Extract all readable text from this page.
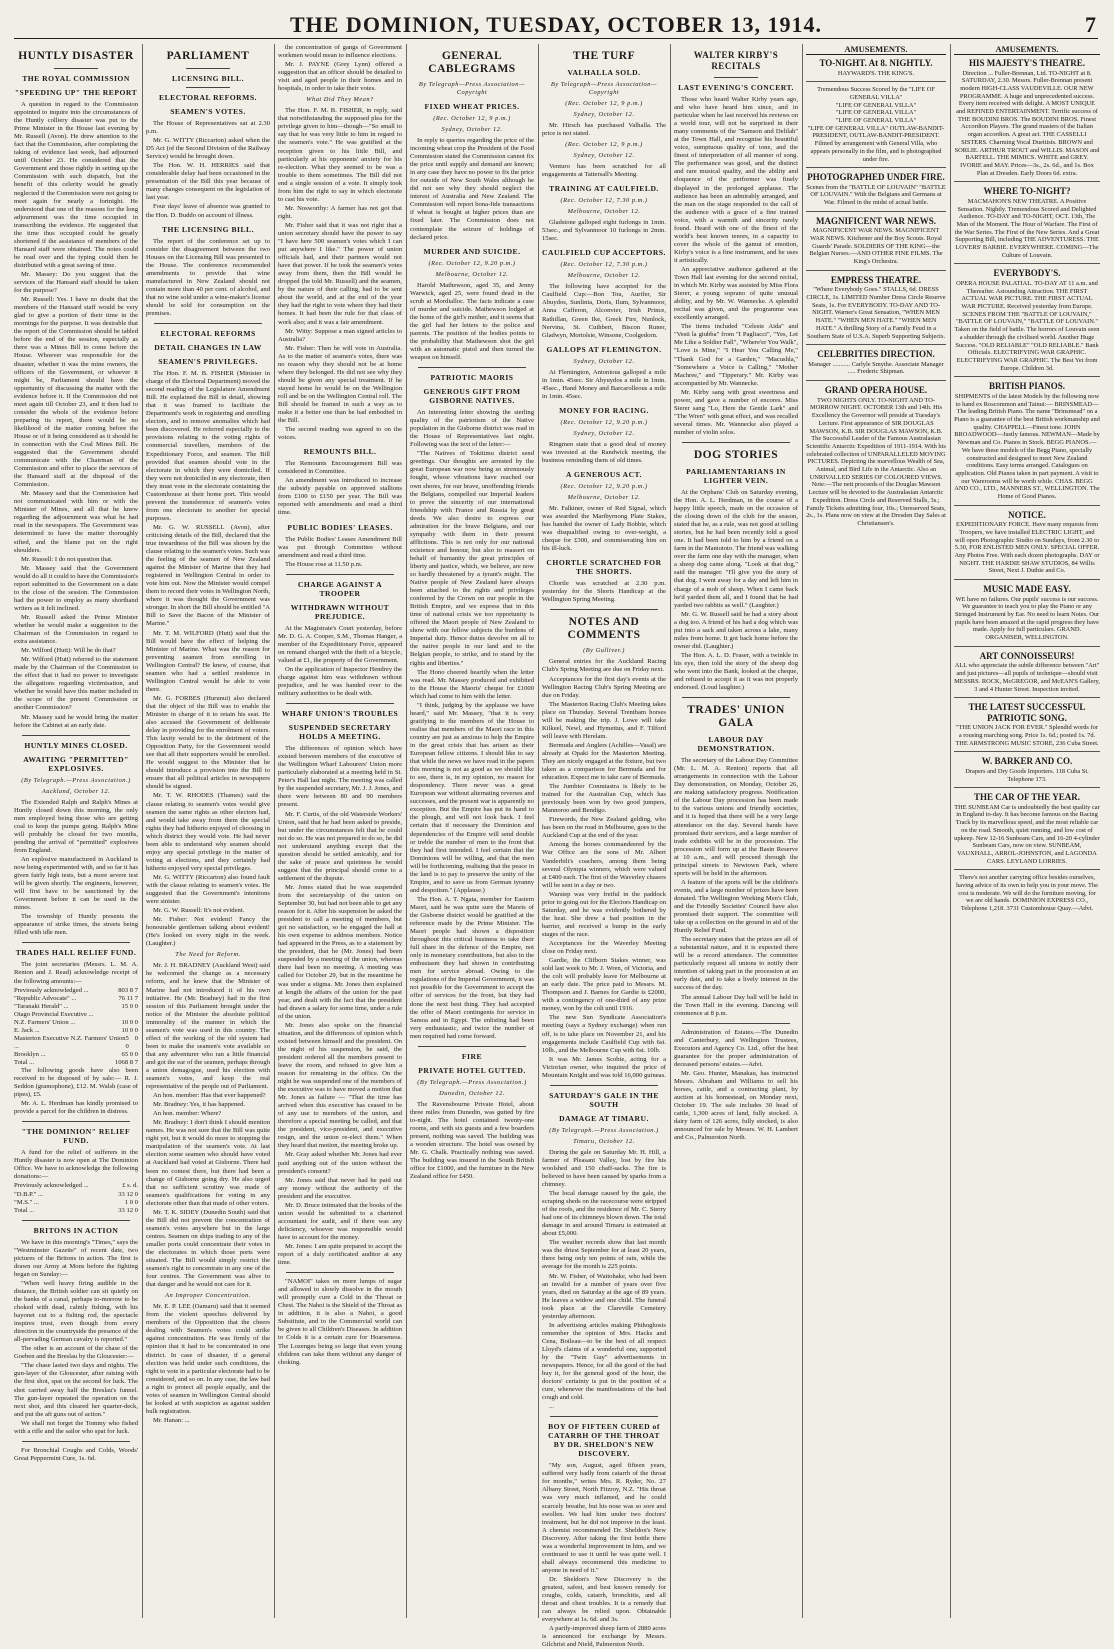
THE DOMINION, TUESDAY, OCTOBER 13, 1914.	7
HUNTLY DISASTER
THE ROYAL COMMISSION
"SPEEDING UP" THE REPORT

A question in regard to the Commission appointed to inquire into the circumstances of the Huntly colliery disaster was put to the Prime Minister in the House last evening by Mr. Russell (Avon). He drew attention to the fact that the Commission, after completing the taking of evidence last week, had adjourned until October 23. He considered that the Government and those rightly in setting up the Commission with such dispatch, but the benefit of this celerity would be greatly neglected if the Commission were not going to meet again for nearly a fortnight. He understood that one of the reasons for the long adjournment was the time occupied in transcribing the evidence. He suggested that the time thus occupied could be greatly shortened if the assistance of members of the Hansard staff were obtained. The notes could be read over and the typing could then be distributed with a great saving of time.

Mr. Massey: Do you suggest that the services of the Hansard staff should be taken for the purpose?

Mr. Russell: Yes. I have no doubt that the members of the Hansard staff would be very glad to give a portion of their time in the mornings for the purpose. It was desirable that the report of the Commission should be tabled before the end of the session, especially as there was a Mines Bill to come before the House. Whoever was responsible for the disaster, whether it was the mine owners, the officers of the Government, or whoever it might be, Parliament should have the opportunity of discussing the matter with the evidence before it. If the Commission did not meet again till October 23, and it then had to consider the whole of the evidence before preparing its report, there would be no likelihood of the matter coming before the House or of it being considered as it should be in connection with the Coal Mines Bill. He suggested that the Government should communicate with the Chairman of the Commission and offer to place the services of the Hansard staff at the disposal of the Commission.

Mr. Massey said that the Commission had not communicated with him or with the Minister of Mines, and all that he knew regarding the adjournment was what he had read in the newspapers. The Government was determined to have the matter thoroughly sifted, and the blame put on the right shoulders.

Mr. Russell: I do not question that.

Mr. Massey said that the Government would do all it could to have the Commission's report submitted to the Government on a date to the close of the session. The Commission had the power to employ as many shorthand writers as it felt inclined.

Mr. Russell asked the Prime Minister whether he would make a suggestion to the Chairman of the Commission in regard to extra assistance.

Mr. Wilford (Hutt): Will he do that?

Mr. Wilford (Hutt) referred to the statement made by the Chairman of the Commission to the effect that it had no power to investigate the allegations regarding victimisation, and whether he would have this matter included in the scope of the present Commission or another Commission?

Mr. Massey said he would bring the matter before the Cabinet at an early date.

HUNTLY MINES CLOSED.
AWAITING "PERMITTED" EXPLOSIVES.
(By Telegraph.—Press Association.)
Auckland, October 12.

The Extended Ralph and Ralph's Mines at Huntly closed down this morning, the only men employed being those who are getting coal to keep the pumps going. Ralph's Mine will probably be closed for two months, pending the arrival of "permitted" explosives from England.

An explosive manufactured in Auckland is now being experimented with, and so far it has given fairly high tests, but a more severe test will be given shortly. The engineers, however, will first have to be sanctioned by the Government before it can be used in the mines.

The township of Huntly presents the appearance of strike times, the streets being filled with idle men.

TRADES HALL RELIEF FUND.

The joint secretaries (Messrs. L. M. A. Renton and J. Read) acknowledge receipt of the following amounts:—

Previously acknowledged ...	803 8 7
"Republic Advocate" ...	76 11 7
"Taranaki Herald" ...	15 0 0
Otago Provincial Executive ...
N.Z. Farmers' Union ...	10 0 0
E. Jack ...	10 0 0
Masterton Executive N.Z. Farmers' Union ...
5 0 0
Brooklyn ...	65 0 0
Total ...	1068 8 7

The following goods have also been received to be disposed of by sale:— R. J. Seddon (gramophone), £12. M. Walsh (case of pipes), £5.

Mr. A. L. Herdman has kindly promised to provide a parcel for the children in distress.

"THE DOMINION" RELIEF FUND.

A fund for the relief of sufferers in the Huntly disaster is now open at The Dominion Office. We have to acknowledge the following donations:—

Previously acknowledged ...	£ s. d.
"D.B.P." ...	33 12 0
"M.S." ...	1 0 0
Total ...	33 12 0
BRITONS IN ACTION

We have in this morning's "Times," says the "Westminster Gazette" of recent date, two pictures of the Britons in action. The first is drawn our Army at Mons before the fighting began on Sunday:—

"When well heavy firing audible in the distance, the British soldier can sit quietly on the banks of a canal, perhaps to-morrow to be choked with dead, calmly fishing, with his bayonet cut to a fishing rod, the spectacle inspires trust, even though from every direction in the countryside the presence of the all-pervading German cavalry is reported."

The other is an account of the chase of the Goeben and the Breslau by the Gloucester:—

"The chase lasted two days and nights. The gun-layer of the Gloucester, after raising with the first shot, spat on the second for luck. The shot carried away half the Breslau's funnel. The gun-layer repeated the operation on the next shot, and this cleared her quarter-deck, and put the aft guns out of action."

We shall not forget the Tommy who fished with a rifle and the sailor who spat for luck.

For Bronchial Coughs and Colds, Woods' Great Peppermint Cure, 1s. 6d.

PARLIAMENT
LICENSING BILL.
ELECTORAL REFORMS.
SEAMEN'S VOTES.

The House of Representatives sat at 2.30 p.m.

Mr. G. WITTY (Riccarton) asked when the D5 Act (of the Second Division of the Railway Service) would be brought down.

The Hon. W. H. HERRIES said that considerable delay had been occasioned in the presentation of the Bill this year because of many changes consequent on the legislation of last year.

Four days' leave of absence was granted to the Hon. D. Buddo on account of illness.

THE LICENSING BILL.

The report of the conference set up to consider the disagreement between the two Houses on the Licensing Bill was presented to the House. The conference recommended amendments to provide that wine manufactured in New Zealand should not contain more than 40 per cent. of alcohol, and that no wine sold under a wine-maker's license should be sold for consumption on the premises.

ELECTORAL REFORMS
DETAIL CHANGES IN LAW
SEAMEN'S PRIVILEGES.

The Hon. F. M. B. FISHER (Minister in charge of the Electoral Department) moved the second reading of the Legislature Amendment Bill. He explained the Bill in detail, showing that it was framed to facilitate the Department's work in registering and enrolling electors, and to remove anomalies which had been discovered. He referred especially to the provisions relating to the voting rights of commercial travellers, members of the Expeditionary Force, and seamen. The Bill provided that seamen should vote in the electorate in which they were domiciled. If they were not domiciled in any electorate, then they must vote in the electorate containing the Customhouse at their home port. This would prevent the transference of seamen's votes from one electorate to another for special purposes.

Mr. G. W. RUSSELL (Avon), after criticising details of the Bill, declared that the true inwardness of the Bill was shown by the clause relating to the seamen's votes. Such was the feeling of the seamen of New Zealand against the Minister of Marine that they had registered in Wellington Central in order to vote him out. Now the Minister would compel them to record their votes in Wellington North, where it was thought the Government was stronger. In short the Bill should be entitled "A Bill to Save the Bacon of the Minister of Marine."

Mr. T. M. WILFORD (Hutt) said that the Bill would have the effect of helping the Minister of Marine. What was the reason for preventing seamen from enrolling in Wellington Central? He knew, of course, that seamen who had a settled residence in Wellington Central would be able to vote there.

Mr. G. FORBES (Hurunui) also declared that the object of the Bill was to enable the Minister in charge of it to retain his seat. He also accused the Government of deliberate delay in providing for the enrolment of voters. This laxity would be to the detriment of the Opposition Party, for the Government would see that all their supporters would be enrolled. He would suggest to the Minister that he should introduce a provision into the Bill to ensure that all political articles in newspapers should be signed.

Mr. T. W. RHODES (Thames) said the clause relating to seamen's votes would give seamen the same rights as other electors had, and would take away from them the special rights they had hitherto enjoyed of choosing in which district they would vote. He had never been able to understand why seamen should enjoy any special privilege in the matter of voting at elections, and they certainly had hitherto enjoyed very special privileges.

Mr. G. WITTY (Riccarton) also found fault with the clause relating to seamen's votes. He suggested that the Government's intentions were sinister.

Mr. G. W. Russell: It's not evident.

Mr. Fisher: Not evident! Fancy the honourable gentleman talking about evident! (He's looked on every night in the week. (Laughter.)

The Need for Reform.

Mr. J. H. BRADNEY (Auckland West) said he welcomed the change as a necessary reform, and he knew that the Minister of Marine had not introduced it of his own initiative. He (Mr. Bradney) had in the first session of this Parliament brought under the notice of the Minister the absolute political immorality of the manner in which the seamen's vote was used in this country. The effect of the working of the old system had been to make the seamen's vote available so that any adventurer who ran a little financial and got the ear of the seamen, perhaps through a union demagogue, used his election with seamen's votes, and keep the real representative of the people out of Parliament.

An hon. member: Has that ever happened?

Mr. Bradney: Yes, it has happened.

An hon. member: Where?

Mr. Bradney: I don't think I should mention names. He was not sure that the Bill was quite right yet, but it would do more to stopping the manipulation of the seamen's vote. At last election some seamen who should have voted at Auckland had voted at Gisborne. There had been no contest there, but there had been a change of Gisborne going dry. He also urged that no sufficient scrutiny was made of seamen's qualifications for voting in any electorate other than that made of other voters.

Mr. T. K. SIDEY (Dunedin South) said that the Bill did not prevent the concentration of seamen's votes anywhere but in the large centres. Seamen on ships trading to any of the smaller ports could concentrate their votes in the electorates in which those ports were situated. The Bill would simply restrict the seamen's right to concentrate in any one of the four centres. The Government was alive to that danger and he would not care for it.

An Improper Concentration.

Mr. E. P. LEE (Oamaru) said that it seemed from the violent speeches delivered by members of the Opposition that the cheers dealing with Seamen's votes could strike against concentration. He was firmly of the opinion that it had to be concentrated in one district. In case of disaster, if a general election was held under such conditions, the right to vote in a particular electorate had to be considered, and so on. In any case, the law had a right to protect all people equally, and the votes of seamen in Wellington Central should be looked at with suspicion as against sudden bulk registration.

Mr. Hanan: ...

the concentration of gangs of Government workmen would mean to influence elections.

Mr. J. PAYNE (Grey Lynn) offered a suggestion that an officer should be detailed to visit and aged people in their homes and in hospitals, in order to take their votes.

What Did They Mean?

The Hon. F. M. B. FISHER, in reply, said that notwithstanding the supposed plea for the privilege given to him—though—"So small to say that he was very little to him in regard to the seamen's vote." He was gratified at the reception given to his little Bill, and particularly at his opponents' anxiety for his re-election. What they seemed to be was a trouble to them sometimes. The Bill did not end a single session of a vote. It simply took from him the right to say in which electorate to cast his vote.

Mr. Nosworthy: A farmer has not got that right.

Mr. Fisher said that it was not right that a union secretary should have the power to say "I have here 500 seamen's votes which I can put anywhere I like." The power of union officials had, and their partners would not have that power. If he took the seamen's votes away from them, then the Bill would be dropped (he told Mr. Russell) and the seamen, by the nature of their calling, had to be sent about the world, and at the end of the year they had the right to vote where they had their homes. It had been the rule for that class of work also; and it was a fair amendment.

Mr. Witty: Suppose a man signed articles to Australia?

Mr. Fisher: Then he will vote in Australia. As to the matter of seamen's votes, there was no reason why they should not be at home where they belonged. He did not see why they should be given any special treatment. If he stayed home he would be on the Wellington roll and be on the Wellington Central roll. The Bill should be framed in such a way as to make it a better one than he had embodied in the Bill.

The second reading was agreed to on the voices.

REMOUNTS BILL.

The Remounts Encouragement Bill was considered in Committee.

An amendment was introduced to increase the subsidy payable on approved stallions from £100 to £150 per year. The Bill was reported with amendments and read a third time.

PUBLIC BODIES' LEASES.

The Public Bodies' Leases Amendment Bill was put through Committee without amendment and read a third time.

The House rose at 11.50 p.m.

CHARGE AGAINST A TROOPER
WITHDRAWN WITHOUT PREJUDICE.

At the Magistrate's Court yesterday, before Mr. D. G. A. Cooper, S.M., Thomas Hanger, a member of the Expeditionary Force, appeared on remand charged with the theft of a bicycle, valued at £1, the property of the Government.

On the application of Inspector Hendrey the charge against him was withdrawn without prejudice, and he was handed over to the military authorities to be dealt with.

WHARF UNION'S TROUBLES
SUSPENDED SECRETARY HOLDS A MEETING.

The differences of opinion which have existed between members of the executive of the Wellington Wharf Labourers' Union more particularly elaborated at a meeting held in St. Peter's Hall last night. The meeting was called by the suspended secretary, Mr. J. J. Jones, and there were between 80 and 90 members present.

Mr. F. Curtis, of the old Waterside Workers' Union, said that he had been asked to preside, but under the circumstances felt that he could not do so. He was not prepared to do so, he did not understand anything except that the question should be settled amicably, and for the sake of peace and quietness he would suggest that the principal should come to a settlement of the dispute.

Mr. Jones stated that he was suspended from the secretaryship of the union on September 30, but had not been able to get any reason for it. After his suspension he asked the president to call a meeting of members, but got no satisfaction, so he engaged the hall at his own expense to address members. Notice had appeared in the Press, as to a statement by the president, that he (Mr. Jones) had been suspended by a meeting of the union, whereas there had been no meeting. A meeting was called for October 29, but in the meantime he was under a stigma. Mr. Jones then explained at length the affairs of the union for the past year, and dealt with the fact that the president had drawn a salary for some time, under a rule of the union.

Mr. Jones also spoke on the financial situation, and the differences of opinion which existed between himself and the president. On the night of his suspension, he said, the president ordered all the members present to leave the room, and refused to give him a reason for remaining in the office. On the night he was suspended one of the members of the executive was to have moved a motion that Mr. Jones as failure — "That the time has arrived when this executive has ceased to be of any use to members of the union, and therefore a special meeting be called, and that the president, vice-president, and executive resign, and the union re-elect them." When they heard that motion, the meeting broke up.

Mr. Gray asked whether Mr. Jones had ever paid anything out of the union without the president's consent?

Mr. Jones said that never had he paid out any money without the authority of the president and the executive.

Mr. D. Bruce intimated that the books of the union would be submitted to a chartered accountant for audit, and if there was any deficiency, whoever was responsible would have to account for the money.

Mr. Jones: I am quite prepared to accept the report of a duly certificated auditor at any time.

"NAMOI" takes on more lumps of sugar and allowed to slowly dissolve in the mouth will promptly cure a Cold in the Throat or Chest. The Nahoi is the Shield of the Throat as in addition, it is also a Nahoi, a good Substitute, and to the Commercial world can be given to all Children's Diseases. In addition to Colds it is a certain cure for Hoarseness. The Lozenges being so large that even young children can take them without any danger of choking.

GENERAL CABLEGRAMS
By Telegraph—Press Association—Copyright
FIXED WHEAT PRICES.
(Rec. October 12, 9 p.m.)
Sydney, October 12.

In reply to queries regarding the price of the incoming wheat crop the President of the Food Commission stated the Commission cannot fix the price until supply and demand are known; in any case they have no power to fix the price for outside of New South Wales although he did not see why they should neglect the interest of Australia and New Zealand. The Commission will report bona-fide transactions if wheat is bought at higher prices than are fixed later. The Commission does not contemplate the seizure of holdings of declared price.

MURDER AND SUICIDE.
(Rec. October 12, 9.20 p.m.)
Melbourne, October 12.

Harold Mathewson, aged 35, and Jenny Warwick, aged 25, were found dead in the scrub at Mordialloc. The facts indicate a case of murder and suicide. Mathewson lodged at the home of the girl's mother, and it seems that the girl had her letters to the police and parents. The position of the bodies points to the probability that Mathewson shot the girl with an automatic pistol and then turned the weapon on himself.

PATRIOTIC MAORIS
GENEROUS GIFT FROM GISBORNE NATIVES.

An interesting letter showing the sterling quality of the patriotism of the Native population in the Gisborne district was read in the House of Representatives last night. Following was the text of the letter:—

"The Natives of Tokitimu district send greetings. Our thoughts are arrested by the great European war now being so strenuously fought, whose vibrations have reached our own shores, for our brave, unoffending friends the Belgians, compelled our Imperial leaders to prove the sincerity of our international friendship with France and Russia by great deeds. We also desire to express our admiration for the brave Belgians, and our sympathy with them in their present afflictions. This is not only for our national existence and honour, but also to reassert on behalf of humanity the great principles of liberty and justice, which, we believe, are now so hardly threatened by a tyrant's might. The Native people of New Zealand have always been attached to the rights and privileges conferred by the Crown on our people in the British Empire, and we express that in this time of national crisis we too opportunity is offered the Maori people of New Zealand to show with our fellow subjects the burdens of Imperial duty. Hence duties devolve on all to the native people in our land and to the Belgian people, to strike, and to stand by the rights and liberties."

The Hono cheered heartily when the letter was read. Mr. Massey produced and exhibited to the House the Maoris' cheque for £1000 which had come to him with the letter.

"I think, judging by the applause we have heard," said Mr. Massey, "that it is very gratifying to the members of the House to realise that members of the Maori race in this country are just as anxious to help the Empire in the great crisis that has arisen as their European fellow citizens. I should like to say that while the news we have read in the papers this morning is not as good as we should like to see, there is, in my opinion, no reason for despondency. There never was a great European war without alternating reverses and successes, and the present war is apparently no exception. But the Empire has put its hand to the plough, and will not look back. I feel certain that if necessary the Dominion and dependencies of the Empire will send double or treble the number of men to the front that they had first intended. I feel certain that the Dominions will be willing, and that the men will be forthcoming, realising that the peace in the land is to pay to preserve the unity of the Empire, and to save us from German tyranny and despotism." (Applause.)

The Hon. A. T. Ngata, member for Eastern Maori, said he was quite sure the Maoris of the Gisborne district would be gratified at the reference made by the Prime Minister. The Maori people had shown a disposition throughout this critical business to take their full share in the defence of the Empire, not only in monetary contributions, but also in the enthusiasm they had shown in contributing men for service abroad. Owing to the regulations of the Imperial Government, it was not possible for the Government to accept the offer of services for the front, but they had done the next best thing. They had accepted the offer of Maori contingents for service in Samoa and in Egypt. The enlisting had been very enthusiastic, and twice the number of men required had come forward.

FIRE
PRIVATE HOTEL GUTTED.
(By Telegraph.—Press Association.)
Dunedin, October 12.

The Ravensbourne Private Hotel, about three miles from Dunedin, was gutted by fire to-night. The hotel contained twenty-one rooms, and with six guests and a few boarders present, nothing was saved. The building was a wooden structure. The hotel was owned by Mr. G. Chalk. Practically nothing was saved. The building was insured in the South British office for £1000, and the furniture in the New Zealand office for £450.

THE TURF
VALHALLA SOLD.
By Telegraph—Press Association—Copyright
(Rec. October 12, 9 p.m.)
Sydney, October 12.

Mr. Hirsch has purchased Valhalla. The price is not stated.

(Rec. October 12, 9 p.m.)
Sydney, October 12.

Venturo has been scratched for all engagements at Tattersall's Meeting.

TRAINING AT CAULFIELD.
(Rec. October 12, 7.30 p.m.)
Melbourne, October 12.

Gladstone galloped eight furlongs in 1min. 53sec., and Sylvanmoor 10 furlongs in 2min. 15sec.

CAULFIELD CUP ACCEPTORS.
(Rec. October 12, 7.30 p.m.)
Melbourne, October 12.

The following have accepted for the Caulfield Cup:—Bon Tou, Aurifer, Sir Abuydos, Sunlinia, Doris, Ilum, Sylvanmoor, Anna Cafferon, Alconvier, Irish Prince, Rathillan, Green Ike, Greek Fire, Nunlock, Nervina, St. Cuthbert, Biscon Runer, Gladwyn, Mortolsie, Winsone, Coolgedorn.

GALLOPS AT FLEMINGTON.
Sydney, October 12.

At Flemington, Antonious galloped a mile in 1min. 45sec. Sir Abyuydos a mile in 1min. 45sec., Hand Money and Barcarolleous a mile in 1min. 45sec.

MONEY FOR RACING.
(Rec. October 12, 9.20 p.m.)
Sydney, October 12.

Ringmen state that a good deal of money was invested at the Randwick meeting, the business reminding them of old times.

A GENEROUS ACT.
(Rec. October 12, 9.20 p.m.)
Melbourne, October 12.

Mr. Falkiner, owner of Red Signal, which was awarded the Maribyrnong Plate Stakes, has handed the owner of Lady Bobbie, which was disqualified owing to over-weight, a cheque for £300, and commiserating him on his ill-luck.

CHORTLE SCRATCHED FOR THE SHORTS.

Chortle was scratched at 2.30 p.m. yesterday for the Shorts Handicap at the Wellington Spring Meeting.

NOTES AND COMMENTS
(By Gulliver.)

General entries for the Auckland Racing Club's Spring Meeting are due on Friday next.

Acceptances for the first day's events at the Wellington Racing Club's Spring Meeting are due on Friday.

The Masterton Racing Club's Meeting takes place on Thursday. Several Trentham horses will be making the trip. J. Lowe will take Kilkeel, Newl, and Hymettus, and F. Tilford will leave with Herelam.

Bermuda and Anglers (Achilles—Vasal) are already at Opaki for the Masterton Meeting. They are nicely engaged at the fixture, but two taken as a comparison for Bermuda and for education. Expect me to take care of Bermuda.

The Jumbier Conmiastra is likely to be trained for the Australian Cup, which has previously been won by two good jumpers, Mannoroo and Bendigo.

Firewords, the New Zealand gelding, who has been on the road in Melbourne, goes to the Auckland Cup at the end of the year.

Among the horses commandeered by the War Office are the sons of Mr. Albert Vanderbilt's coachers, among them being several Olympia winners, which were valued at £400 each. The first of the Waverley chasers will be sent in a day or two.

Warstep was very fretful in the paddock prior to going out for the Electors Handicap on Saturday, and he was evidently bothered by the heat. She drew a bad position in the barrier, and received a bump in the early stages of the race.

Acceptances for the Waverley Meeting close on Friday next.

Gardie, the Clifborn Stakes winner, was sold last week to Mr. J. Wren, of Victoria, and the colt will probably leave for Melbourne at an early date. The price paid to Messrs. M. Thompson and J. Barnes for Gardie is £2000, with a contingency of one-third of any prize money, won by the colt until 1916.

The new Sun Syndicate Association's meeting (says a Sydney exchange) when run off, is to take place on November 21, and his engagements include Caulfield Cup with 6st. 10lb., and the Melbourne Cup with 6st. 10lb.

It was Mr. James Scobie, acting for a Victorian owner, who inquired the price of Mountain Knight and was told 16,000 guineas.

SATURDAY'S GALE IN THE SOUTH
DAMAGE AT TIMARU.
(By Telegraph.—Press Association.)
Timaru, October 12.

During the gale on Saturday Mr. H. Hill, a farmer of Pleasant Valley, lost by fire his woolshed and 150 chaff-sacks. The fire is believed to have been caused by sparks from a chimney.

The local damage caused by the gale, the scraping sheds on the racecourse were stripped of the roofs, and the residence of Mr. C. Sterry had one of its chimneys blown down. The total damage in and around Timaru is estimated at about £5,000.

The weather records show that last month was the driest September for at least 20 years, there being only ten points of rain, while the average for the month is 225 points.

Mr. W. Fisher, of Waitohake, who had been an invalid for a number of years over five years, died on Saturday at the age of 89 years. He leaves a widow and one child. The funeral took place at the Clareville Cemetery yesterday afternoon.

In advertising articles making Phthoghosis remember the opinion of Mrs. Hacks and Cena, Boileau—to be the best of all respect Lloyd's claims of a wonderful one, supported by the "Twin Guy" advertisements in newspapers. Hence, for all the good of the bad buy it, for the general good of the hour, the doctors' certainty is put in the position of a cure, whenever the manifestations of the bad cough and cold.

...

BOY OF FIFTEEN CURED of CATARRH OF THE THROAT BY DR. SHELDON'S NEW DISCOVERY.

"My son, August, aged fifteen years, suffered very badly from catarrh of the throat for months," writes Mrs. R. Ryder, No. 27 Albany Street, North Fitzroy, N.Z. "His throat was very much inflamed, and he could scarcely breathe, but his nose was so sore and swollen. We had him under two doctors' treatment, but he did not improve in the least. A chemist recommended Dr. Sheldon's New Discovery. After taking the first bottle there was a wonderful improvement in him, and we continued to use it until he was quite well. I shall always recommend this medicine to anyone in need of it."

Dr. Sheldon's New Discovery is the greatest, safest, and best known remedy for coughs, colds, catarrh, bronchitis, and all throat and chest troubles. It is a remedy that can always be relied upon. Obtainable everywhere at 1s. 6d. and 3s.

A partly-improved sheep farm of 2880 acres is announced for exchange by Messrs. Gilchrist and Nield, Palmerston North.

WALTER KIRBY'S RECITALS
LAST EVENING'S CONCERT.

Those who heard Walter Kirby years ago, and who have heard him since, and in particular when he last received his reviews on a world tour, will not be surprised in their many comments of the "Samson and Delilah" at the Town Hall, and recognise his beautiful voice, sumptuous quality of tone, and the finest of interpretation of all manner of song. The performance was good, and the distinct and rare musical quality, and the ability and eloquence of the performer was finely displayed in the prolonged applause. The audience has been an admirably arranged, and the man on the stage responded to the call of the audience with a grace of a fine trained voice, with a warmth and sincerity rarely found. Heard with one of the finest of the world's best known tenors, in a capacity to cover the whole of the gamut of emotion, Kirby's voice is a fine instrument, and he uses it artistically.

An appreciative audience gathered at the Town Hall last evening for the second recital, in which Mr. Kirby was assisted by Miss Flora Sierer, a young soprano of quite unusual ability, and by Mr. W. Wannecke. A splendid recital was given, and the programme was excellently arranged.

The items included "Celeste Aida" and "Vesti la giubba" from "I Pagliacci", "Yes, Let Me Like a Soldier Fall", "Where'er You Walk", "Love is Mine," "I Hear You Calling Me," "Thank God for a Garden," "Macushla," "Somewhere a Voice is Calling," "Mother Machree," and "Tipperary." Mr. Kirby was accompanied by Mr. Wannecke.

Mr. Kirby sang with great sweetness and power, and gave a number of encores. Miss Sierer sang "Lo, Here the Gentle Lark" and "The Wren" with great effect, and was recalled several times. Mr. Wannecke also played a number of violin solos.

DOG STORIES
PARLIAMENTARIANS IN LIGHTER VEIN.

At the Orphans' Club on Saturday evening, the Hon. A. L. Herdman, in the course of a happy little speech, made on the occasion of the closing down of the club for the season, stated that he, as a rule, was not good at telling stories, but he had been recently told a good one. It had been told to him by a friend on a farm in the Maniototo. The friend was walking over the farm one day with the manager, when a sheep dog came along. "Look at that dog," said the manager. "I'll give you the story of that dog. I went away for a day and left him in charge of a mob of sheep. When I came back he'd yarded them all, and I found that he had yarded two rabbits as well." (Laughter.)

Mr. G. W. Russell said he had a story about a dog too. A friend of his had a dog which was put into a sack and taken across a lake, many miles from home. It got back home before the owner did. (Laughter.)

The Hon. A. L. D. Fraser, with a twinkle in his eye, then told the story of the sheep dog who went into the Bank, looked at the cheque, and refused to accept it as it was not properly endorsed. (Loud laughter.)

TRADES' UNION GALA
LABOUR DAY DEMONSTRATION.

The secretary of the Labour Day Committee (Mr. L. M. A. Renton) reports that all arrangements in connection with the Labour Day demonstration, on Monday, October 26, are making satisfactory progress. Notification of the Labour Day procession has been made to the various unions and friendly societies, and it is hoped that there will be a very large attendance on the day. Several bands have promised their services, and a large number of trade exhibits will be in the procession. The procession will form up at the Basin Reserve at 10 a.m., and will proceed through the principal streets to Newtown Park, where sports will be held in the afternoon.

A feature of the sports will be the children's events, and a large number of prizes have been donated. The Wellington Working Men's Club, and the Friendly Societies' Council have also promised their support. The committee will take up a collection on the ground in aid of the Huntly Relief Fund.

The secretary states that the prizes are all of a substantial nature, and it is expected there will be a record attendance. The committee particularly request all unions to notify their intention of taking part in the procession at an early date, and to take a lively interest in the success of the day.

The annual Labour Day ball will be held in the Town Hall in the evening. Dancing will commence at 8 p.m.

Administration of Estates.—The Dunedin and Canterbury, and Wellington Trustees, Executors and Agency Co. Ltd., offer the best guarantee for the proper administration of deceased persons' estates.—Advt.

Mr. Geo. Hunter, Manakau, has instructed Messrs. Abraham and Williams to sell his horses, cattle, and a contracting plant, by auction at his homestead, on Monday next, October 19. The sale includes 30 head of cattle, 1,300 acres of land, fully stocked. A dairy farm of 126 acres, fully stocked, is also announced for sale by Messrs. W. H. Lambert and Co., Palmerston North.

AMUSEMENTS.

TO-NIGHT. At 8. NIGHTLY.

HAYWARD'S. THE KING'S.

Tremendous Success Scored by the "LIFE OF GENERAL VILLA"
"LIFE OF GENERAL VILLA"
"LIFE OF GENERAL VILLA"
"LIFE OF GENERAL VILLA"
"LIFE OF GENERAL VILLA" OUTLAW-BANDIT-PRESIDENT, OUTLAW-BANDIT-PRESIDENT. Filmed by arrangement with General Villa, who appears personally in the film, and is photographed under fire.

PHOTOGRAPHED UNDER FIRE.

Scenes from the "BATTLE OF LOUVAIN" "BATTLE OF LOUVAIN." With the Belgians and Germans at War. Filmed in the midst of actual battle.

MAGNIFICENT WAR NEWS.

MAGNIFICENT WAR NEWS. MAGNIFICENT WAR NEWS. Kitchener and the Boy Scouts. Royal Guards' Parade. SOLDIERS OF THE KING—the Belgian Nurses.—AND OTHER FINE FILMS. The King's Orchestra.

EMPRESS THEATRE.

"Where Everybody Goes." STALLS, 6d. DRESS CIRCLE, 1s. LIMITED Number Dress Circle Reserve Seats, 1s. For EVERYBODY. TO-DAY AND TO-NIGHT. Warner's Great Sensation, "WHEN MEN HATE." "WHEN MEN HATE." "WHEN MEN HATE." A thrilling Story of a Family Feud in a Southern State of U.S.A. Superb Supporting Subjects.

CELEBRITIES DIRECTION.

Manager ........... Carlyle Smythe. Associate Manager ..... Frederic Shipman.

GRAND OPERA HOUSE.

TWO NIGHTS ONLY. TO-NIGHT AND TO-MORROW NIGHT. OCTOBER 13th and 14th. His Excellency the Governor will preside at Tuesday's Lecture. First appearance of SIR DOUGLAS MAWSON, K.B. SIR DOUGLAS MAWSON, K.B. The Successful Leader of the Famous Australasian Scientific Antarctic Expedition of 1911-1914. With his celebrated collection of UNPARALLELED MOVING PICTURES. Depicting the marvellous Wealth of Sea, Animal, and Bird Life in the Antarctic. Also an UNRIVALLED SERIES OF COLOURED VIEWS. Note:—The nett proceeds of the Douglas Mawson Lecture will be devoted to the Australasian Antarctic Expedition. Dress Circle and Reserved Stalls, 3s.; Family Tickets admitting four, 10s.; Unreserved Seats, 2s., 1s. Plans now on view at the Dresden Day Sales at Christiansen's.

AMUSEMENTS.

HIS MAJESTY'S THEATRE.

Direction ... Fuller-Brennan, Ltd. TO-NIGHT at 8. SATURDAY, 2.30. Messrs. Fuller-Brennan present modern HIGH-CLASS VAUDEVILLE. OUR NEW PROGRAMME. A huge and unprecedented success. Every item received with delight. A MOST UNIQUE and REFINED ENTERTAINMENT. Terrific success of THE BOUDINI BROS. The BOUDINI BROS. Finest Accordion Players. The grand masters of the Italian organ accordion. A great act. THE CASSELLI SISTERS. Charming Vocal Duettists. BROWN and SORLIE. ARTHUR TROUT and WILLIS. MASON and BARTELL. THE MIMICS. WHITE and GREY. IVORIE and MAY. Prices—3s., 2s. 6d., and 1s. Box Plan at Dresden. Early Doors 6d. extra.

WHERE TO-NIGHT?

MACMAHON'S NEW THEATRE. A Positive Sensation. Nightly. Tremendous Scored and Delighted Audience. TO-DAY and TO-NIGHT, OCT. 13th, The Man of the Moment. The Hour of Warfare. The First of the War Series. The First of the New Series. And a Great Supporting Bill, including THE ADVENTURESS. THE LOVERS' BARBIE. EVERYWHERE. COMING—The Culture of Louvain.

EVERYBODY'S.

OPERA HOUSE PALATIAL. TO-DAY AT 11 a.m. and Thereafter. Astounding Attraction. THE FIRST ACTUAL WAR PICTURE. THE FIRST ACTUAL WAR PICTURE. Received yesterday from Europe. SCENES FROM THE "BATTLE OF LOUVAIN," "BATTLE OF LOUVAIN," "BATTLE OF LOUVAIN." Taken on the field of battle. The horrors of Louvain seen a shudder through the civilised world. Another Huge Success. "OLD RELIABLE" "OLD RELIABLE." Bank Officials. ELECTRIFYING WAR GRAPHIC. ELECTRIFYING WAR GRAPHIC. The Best Yet from Europe. Children 3d.

BRITISH PIANOS.

SHIPMENTS of the latest Models by the following now to hand ex Roscommon and Tainui:— BRINSMEAD—The leading British Piano. The name "Brinsmead" on a Piano is a guarantee of the best British workmanship and quality. CHAPPELL—Finest tone. JOHN BROADWOOD—Justly famous. NEWMAN—Made by Newman and Co. Pianos in Stock. BEGG PIANOS.—We have these models of the Begg Piano, specially constructed and designed to meet New Zealand conditions. Easy terms arranged. Catalogues on application. Old Pianos taken in part payment. A visit to our Warerooms will be worth while. CHAS. BEGG AND CO., LTD., MANNERS ST., WELLINGTON. The Home of Good Pianos.

NOTICE.

EXPEDITIONARY FORCE. Have many requests from Troopers, we have installed ELECTRIC LIGHT, and will open Photographic Studio on Sundays, from 2.30 to 5.30, FOR ENLISTED MEN ONLY. SPECIAL OFFER. Any Photos Free. With each dozen photographs. DAY or NIGHT. THE HARDIE SHAW STUDIOS, 84 Willis Street, Next J. Duthie and Co.

MUSIC MADE EASY.

WE have no failures. Our pupils' success is our success. We guarantee to teach you to play the Piano or any Stringed Instrument by Ear. No need to learn Notes. Our pupils have been amazed at the rapid progress they have made. Apply for full particulars. GRAND. ORGANISER, WELLINGTON.

ART CONNOISSEURS!

ALL who appreciate the subtle difference between "Art" and just pictures—all pupils of technique—should visit MESSRS. ROCK, McGREGOR, and McEAN'S Gallery, 3 and 4 Hunter Street. Inspection invited.

THE LATEST SUCCESSFUL PATRIOTIC SONG.

"THE UNION JACK FOR EVER." Splendid words for a rousing marching song. Price 1s. 6d.; posted 1s. 7d. THE ARMSTRONG MUSIC STORE, 236 Cuba Street.

W. BARKER AND CO.

Drapers and Dry Goods Importers. 118 Cuba St. Telephone 173.

THE CAR OF THE YEAR.

THE SUNBEAM Car is undoubtedly the best quality car in England to-day. It has become famous on the Racing Track by its marvellous speed, and the most reliable car on the road. Smooth, quiet running, and low cost of upkeep. New 12-16 Sunbeam Cars, and 16-20 4-cylinder Sunbeam Cars, now on view. SUNBEAM, VAUXHALL, ARROL-JOHNSTON, and LAGONDA CARS. LEYLAND LORRIES.

There's not another carrying office besides ourselves, having advice of its own to help you in your move. The cost is moderate. We will do the furniture moving, for we are old hands. DOMINION EXPRESS CO., Telephone 1,218. 3731 Customhouse Quay.—Advt.
